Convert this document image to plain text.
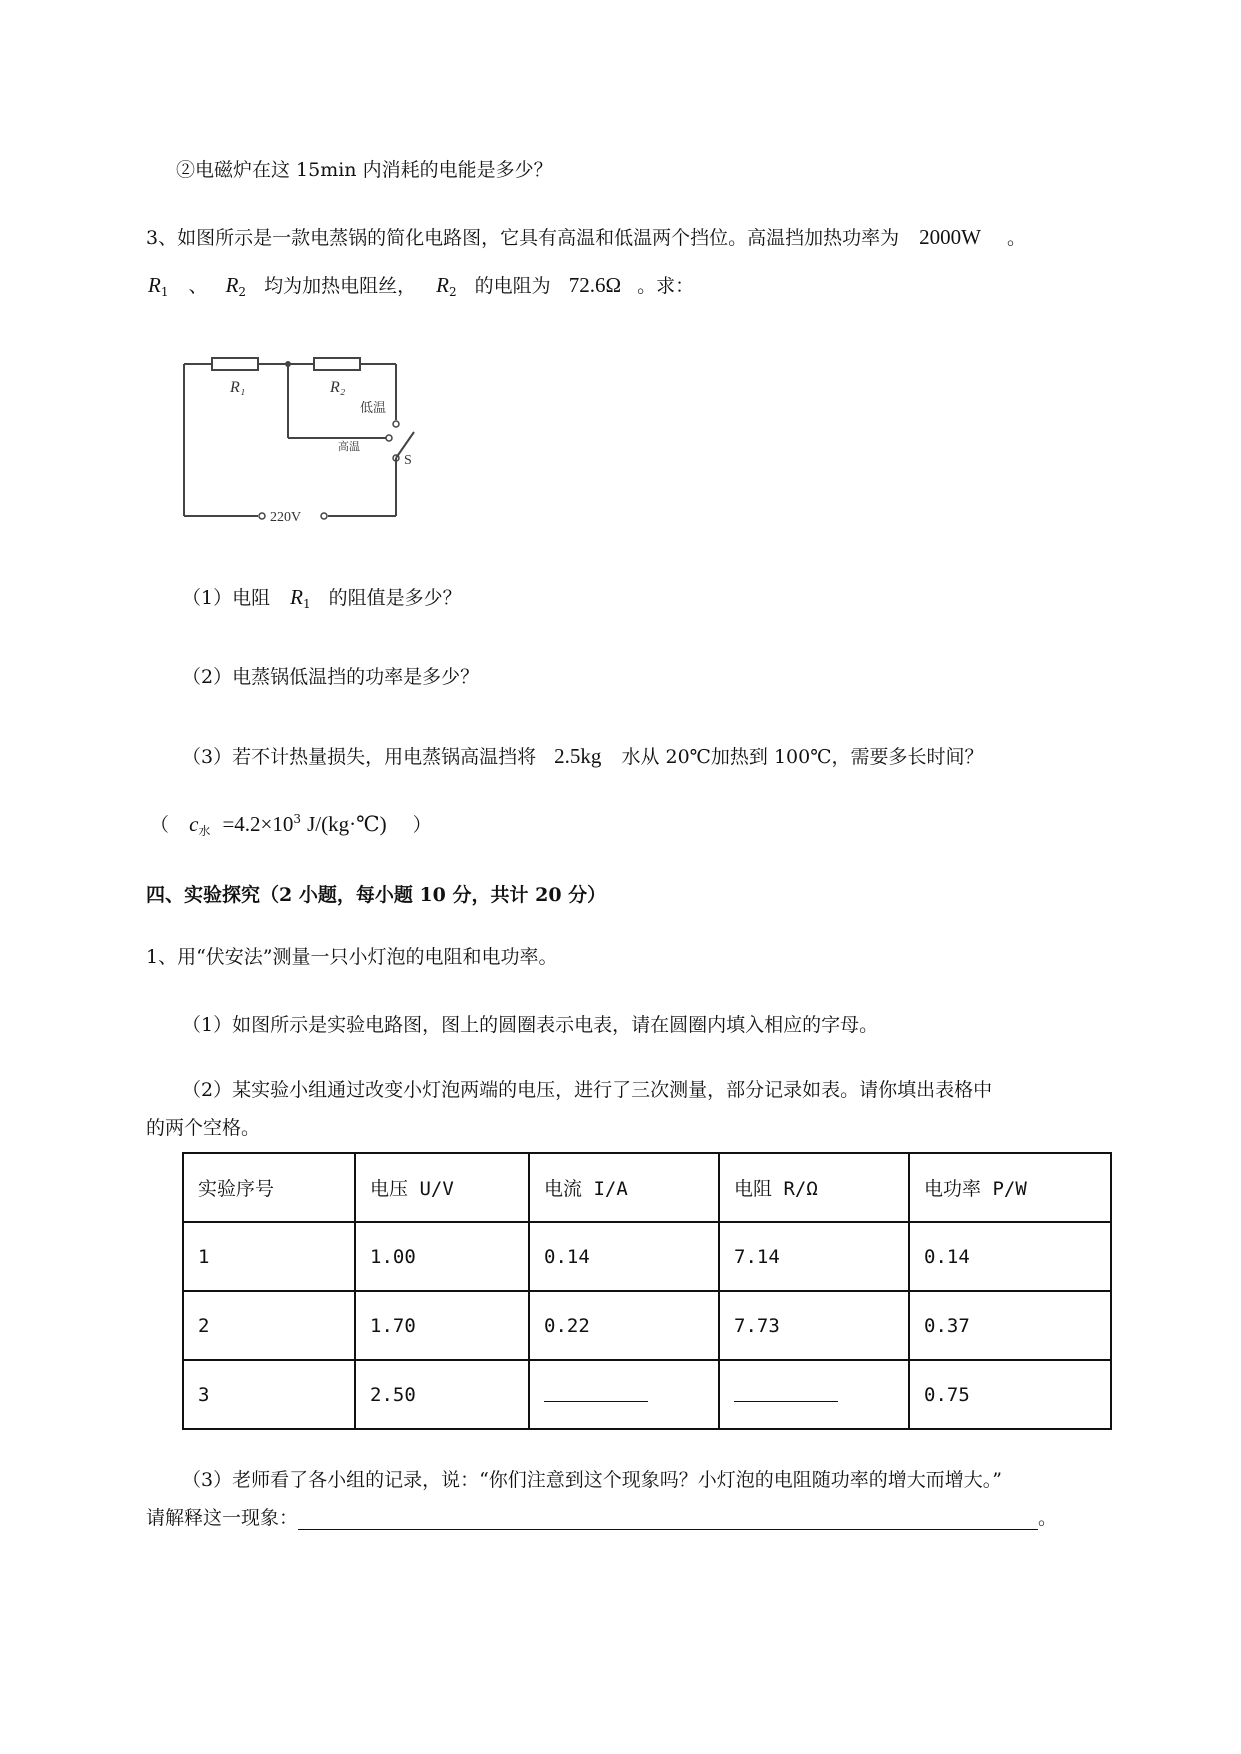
②电磁炉在这 15min 内消耗的电能是多少？
3、如图所示是一款电蒸锅的简化电路图，它具有高温和低温两个挡位。高温挡加热功率为 2000W 。
$R_1$ 、 $R_2$ 均为加热电阻丝， $R_2$ 的电阻为 72.6Ω 。求：
R₁	R₂
低温
高温
S
220V
（1）电阻 $R_1$ 的阻值是多少？
（2）电蒸锅低温挡的功率是多少？
（3）若不计热量损失，用电蒸锅高温挡将 2.5kg 水从 20℃加热到 100℃，需要多长时间？
（ $c_水 =4.2\times 10^3$ J/(kg·℃) ）
四、实验探究（2 小题，每小题 10 分，共计 20 分）
1、用“伏安法”测量一只小灯泡的电阻和电功率。
（1）如图所示是实验电路图，图上的圆圈表示电表，请在圆圈内填入相应的字母。
（2）某实验小组通过改变小灯泡两端的电压，进行了三次测量，部分记录如表。请你填出表格中
的两个空格。
实验序号	电压 U/V	电流 I/A	电阻 R/Ω	电功率 P/W
1	1.00	0.14	7.14	0.14
2	1.70	0.22	7.73	0.37
3	2.50			0.75
（3）老师看了各小组的记录，说：“你们注意到这个现象吗？小灯泡的电阻随功率的增大而增大。”
请解释这一现象：	。
